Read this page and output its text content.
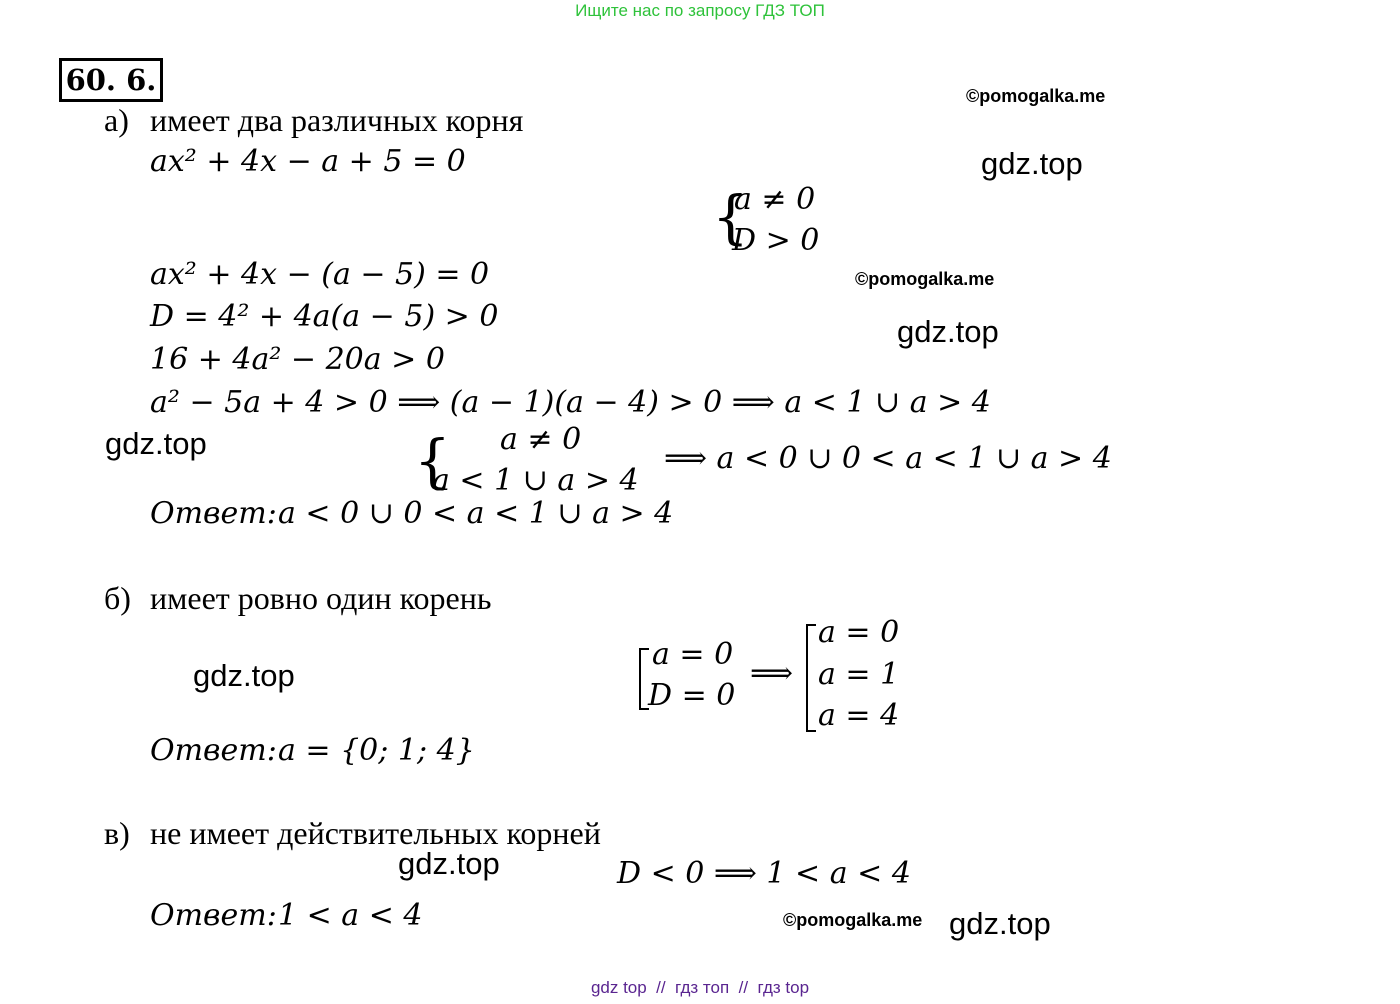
Ищите нас по запросу ГДЗ ТОП
60. 6.	©pomogalka.me
gdz.top
©pomogalka.me
gdz.top
gdz.top
gdz.top
gdz.top
©pomogalka.me gdz.top
а) имеет два различных корня
ax² + 4x − a + 5 = 0
{
a ≠ 0
D > 0
ax² + 4x − (a − 5) = 0
D = 4² + 4a(a − 5) > 0
16 + 4a² − 20a > 0
a² − 5a + 4 > 0 ⟹ (a − 1)(a − 4) > 0 ⟹ a < 1 ∪ a > 4
{ a ≠ 0
a < 1 ∪ a > 4
⟹ a < 0 ∪ 0 < a < 1 ∪ a > 4
Ответ: a < 0 ∪ 0 < a < 1 ∪ a > 4
б) имеет ровно один корень
a = 0
D = 0
⟹
a = 0
a = 1
a = 4
Ответ: a = {0; 1; 4}
в) не имеет действительных корней
D < 0 ⟹ 1 < a < 4
Ответ: 1 < a < 4
gdz top  //  гдз топ  //  гдз top
